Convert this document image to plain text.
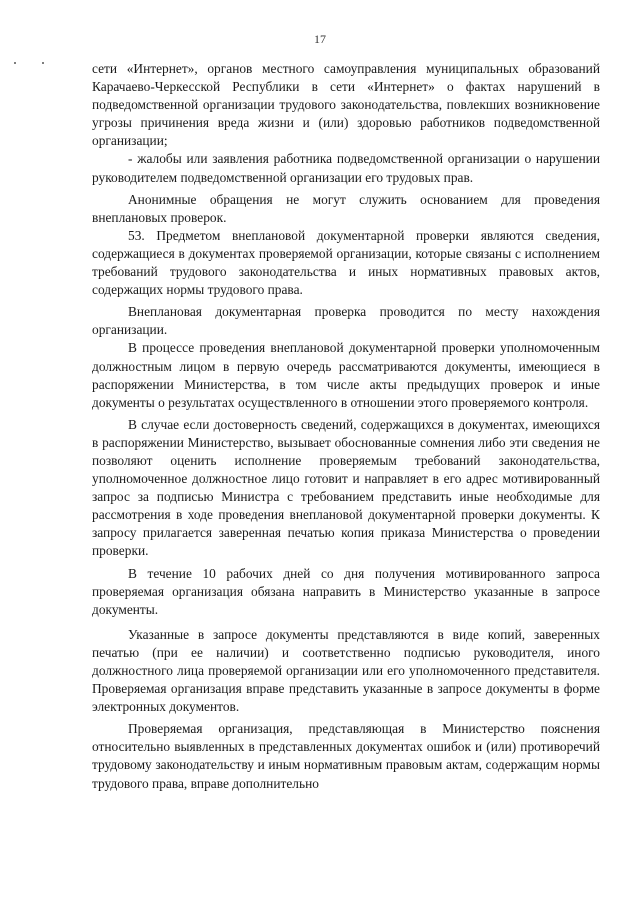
17

сети «Интернет», органов местного самоуправления муниципальных образований Карачаево-Черкесской Республики в сети «Интернет» о фактах нарушений в подведомственной организации трудового законодательства, повлекших возникновение угрозы причинения вреда жизни и (или) здоровью работников подведомственной организации;

- жалобы или заявления работника подведомственной организации о нарушении руководителем подведомственной организации его трудовых прав.

Анонимные обращения не могут служить основанием для проведения внеплановых проверок.

53. Предметом внеплановой документарной проверки являются сведения, содержащиеся в документах проверяемой организации, которые связаны с исполнением требований трудового законодательства и иных нормативных правовых актов, содержащих нормы трудового права.

Внеплановая документарная проверка проводится по месту нахождения организации.

В процессе проведения внеплановой документарной проверки уполномоченным должностным лицом в первую очередь рассматриваются документы, имеющиеся в распоряжении Министерства, в том числе акты предыдущих проверок и иные документы о результатах осуществленного в отношении этого проверяемого контроля.

В случае если достоверность сведений, содержащихся в документах, имеющихся в распоряжении Министерство, вызывает обоснованные сомнения либо эти сведения не позволяют оценить исполнение проверяемым требований законодательства, уполномоченное должностное лицо готовит и направляет в его адрес мотивированный запрос за подписью Министра с требованием представить иные необходимые для рассмотрения в ходе проведения внеплановой документарной проверки документы. К запросу прилагается заверенная печатью копия приказа Министерства о проведении проверки.

В течение 10 рабочих дней со дня получения мотивированного запроса проверяемая организация обязана направить в Министерство указанные в запросе документы.

Указанные в запросе документы представляются в виде копий, заверенных печатью (при ее наличии) и соответственно подписью руководителя, иного должностного лица проверяемой организации или его уполномоченного представителя. Проверяемая организация вправе представить указанные в запросе документы в форме электронных документов.

Проверяемая организация, представляющая в Министерство пояснения относительно выявленных в представленных документах ошибок и (или) противоречий трудовому законодательству и иным нормативным правовым актам, содержащим нормы трудового права, вправе дополнительно
